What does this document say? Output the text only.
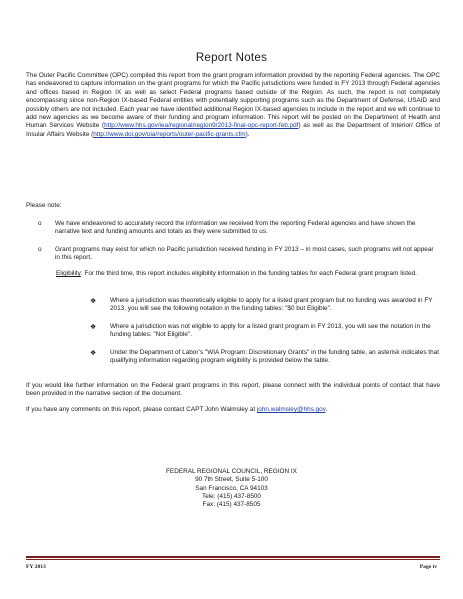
Report Notes
The Outer Pacific Committee (OPC) compiled this report from the grant program information provided by the reporting Federal agencies. The OPC has endeavored to capture information on the grant programs for which the Pacific jurisdictions were funded in FY 2013 through Federal agencies and offices based in Region IX as well as select Federal programs based outside of the Region. As such, the report is not completely encompassing since non-Region IX-based Federal entities with potentially supporting programs such as the Department of Defense, USAID and possibly others are not included. Each year we have identified additional Region IX-based agencies to include in the report and we will continue to add new agencies as we become aware of their funding and program information. This report will be posted on the Department of Health and Human Services Website (http://www.hhs.gov/iea/regional/region9/2013-final-opc-report-feb.pdf) as well as the Department of Interior/ Office of Insular Affairs Website (http://www.doi.gov/oia/reports/outer-pacific-grants.cfm).
Please note:
o We have endeavored to accurately record the information we received from the reporting Federal agencies and have shown the narrative text and funding amounts and totals as they were submitted to us.
o Grant programs may exist for which no Pacific jurisdiction received funding in FY 2013 – in most cases, such programs will not appear in this report.
Eligibility: For the third time, this report includes eligibility information in the funding tables for each Federal grant program listed.
❖ Where a jurisdiction was theoretically eligible to apply for a listed grant program but no funding was awarded in FY 2013, you will see the following notation in the funding tables: "$0 but Eligible".
❖ Where a jurisdiction was not eligible to apply for a listed grant program in FY 2013, you will see the notation in the funding tables: "Not Eligible".
❖ Under the Department of Labor’s "WIA Program: Discretionary Grants" in the funding table, an asterisk indicates that qualifying information regarding program eligibility is provided below the table.
If you would like further information on the Federal grant programs in this report, please connect with the individual points of contact that have been provided in the narrative section of the document.
If you have any comments on this report, please contact CAPT John Walmsley at john.walmsley@hhs.gov.
FEDERAL REGIONAL COUNCIL, REGION IX
90 7th Street, Suite 5-100
San Francisco, CA 94103
Tele: (415) 437-8500
Fax: (415) 437-8505
FY 2013	Page iv
